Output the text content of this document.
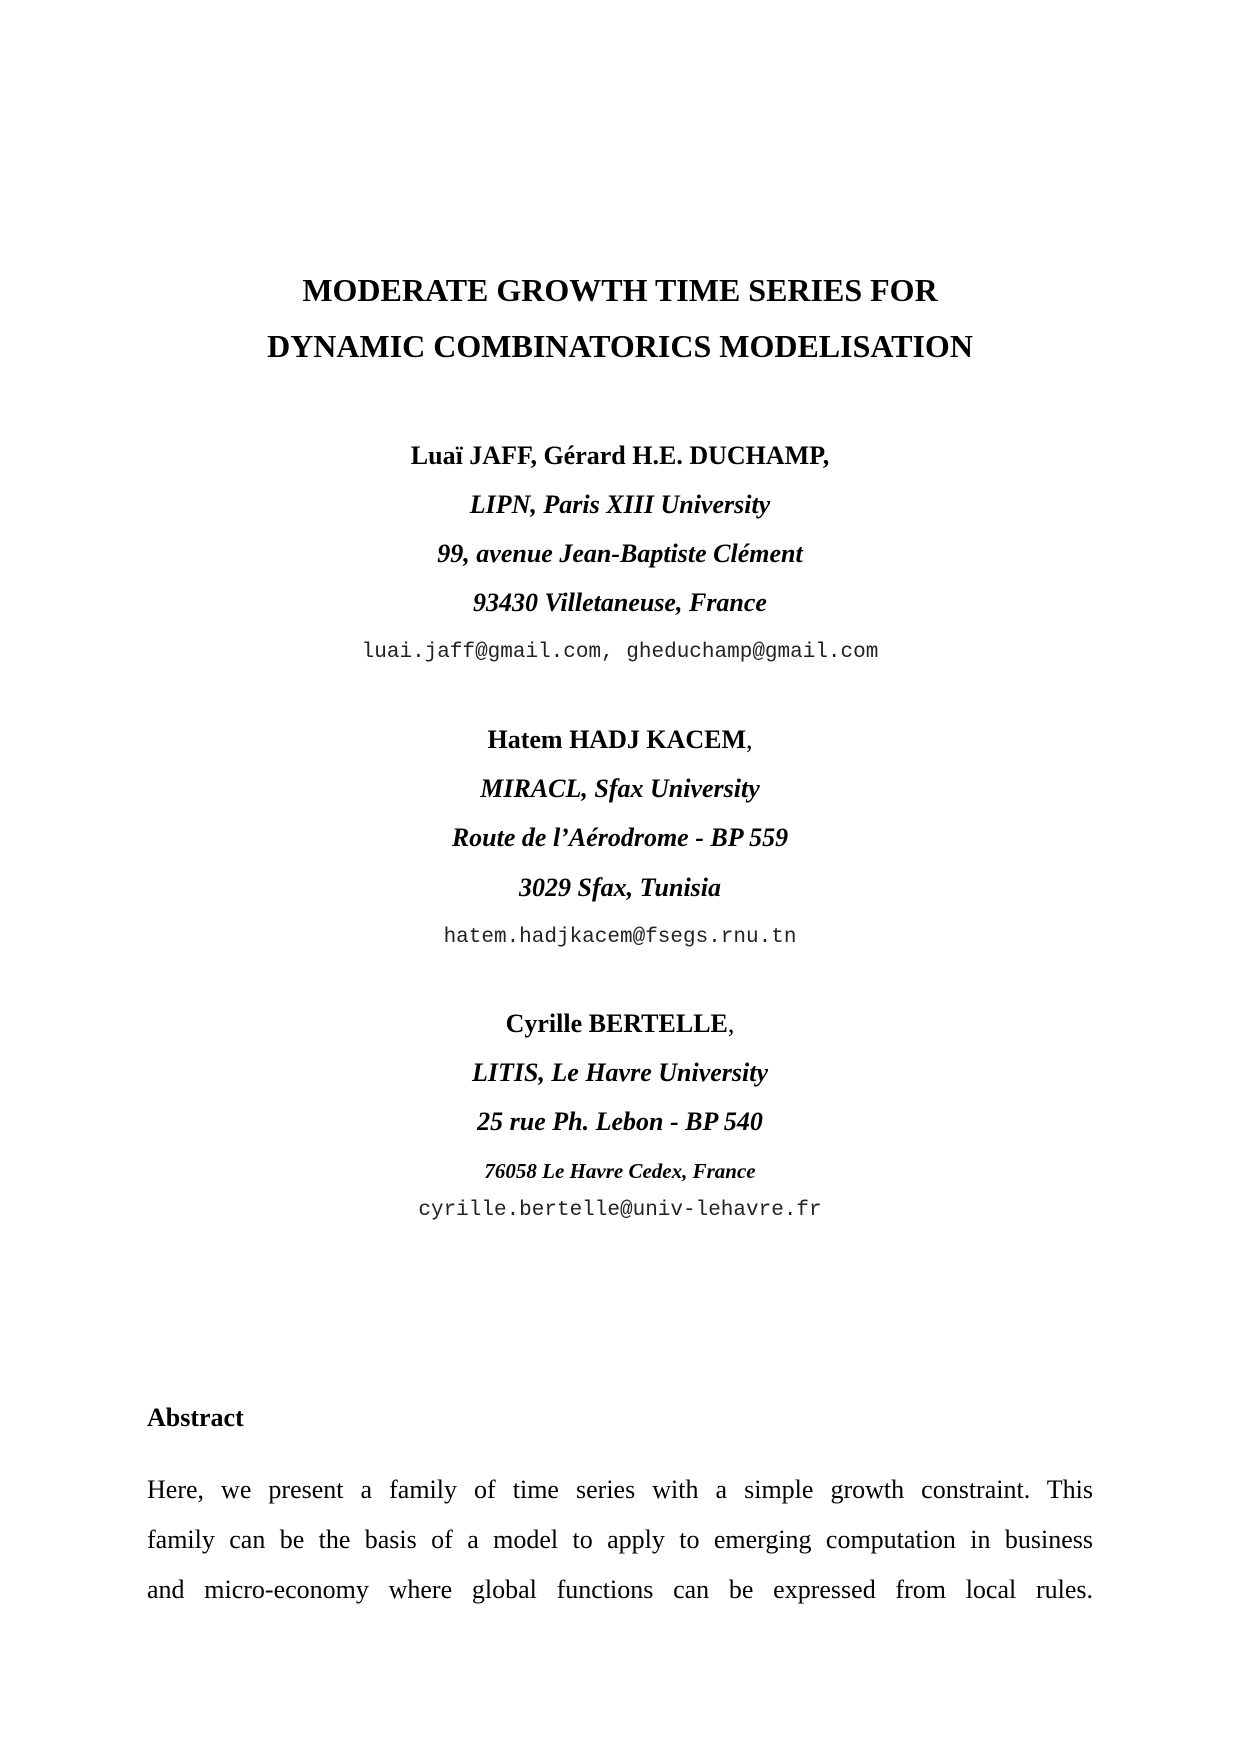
MODERATE GROWTH TIME SERIES FOR
DYNAMIC COMBINATORICS MODELISATION
Luaï JAFF, Gérard H.E. DUCHAMP,
LIPN, Paris XIII University
99, avenue Jean-Baptiste Clément
93430 Villetaneuse, France
luai.jaff@gmail.com, gheduchamp@gmail.com
Hatem HADJ KACEM,
MIRACL, Sfax University
Route de l’Aérodrome - BP 559
3029 Sfax, Tunisia
hatem.hadjkacem@fsegs.rnu.tn
Cyrille BERTELLE,
LITIS, Le Havre University
25 rue Ph. Lebon - BP 540
76058 Le Havre Cedex, France
cyrille.bertelle@univ-lehavre.fr
Abstract
Here, we present a family of time series with a simple growth constraint. This
family can be the basis of a model to apply to emerging computation in business
and micro-economy where global functions can be expressed from local rules.
